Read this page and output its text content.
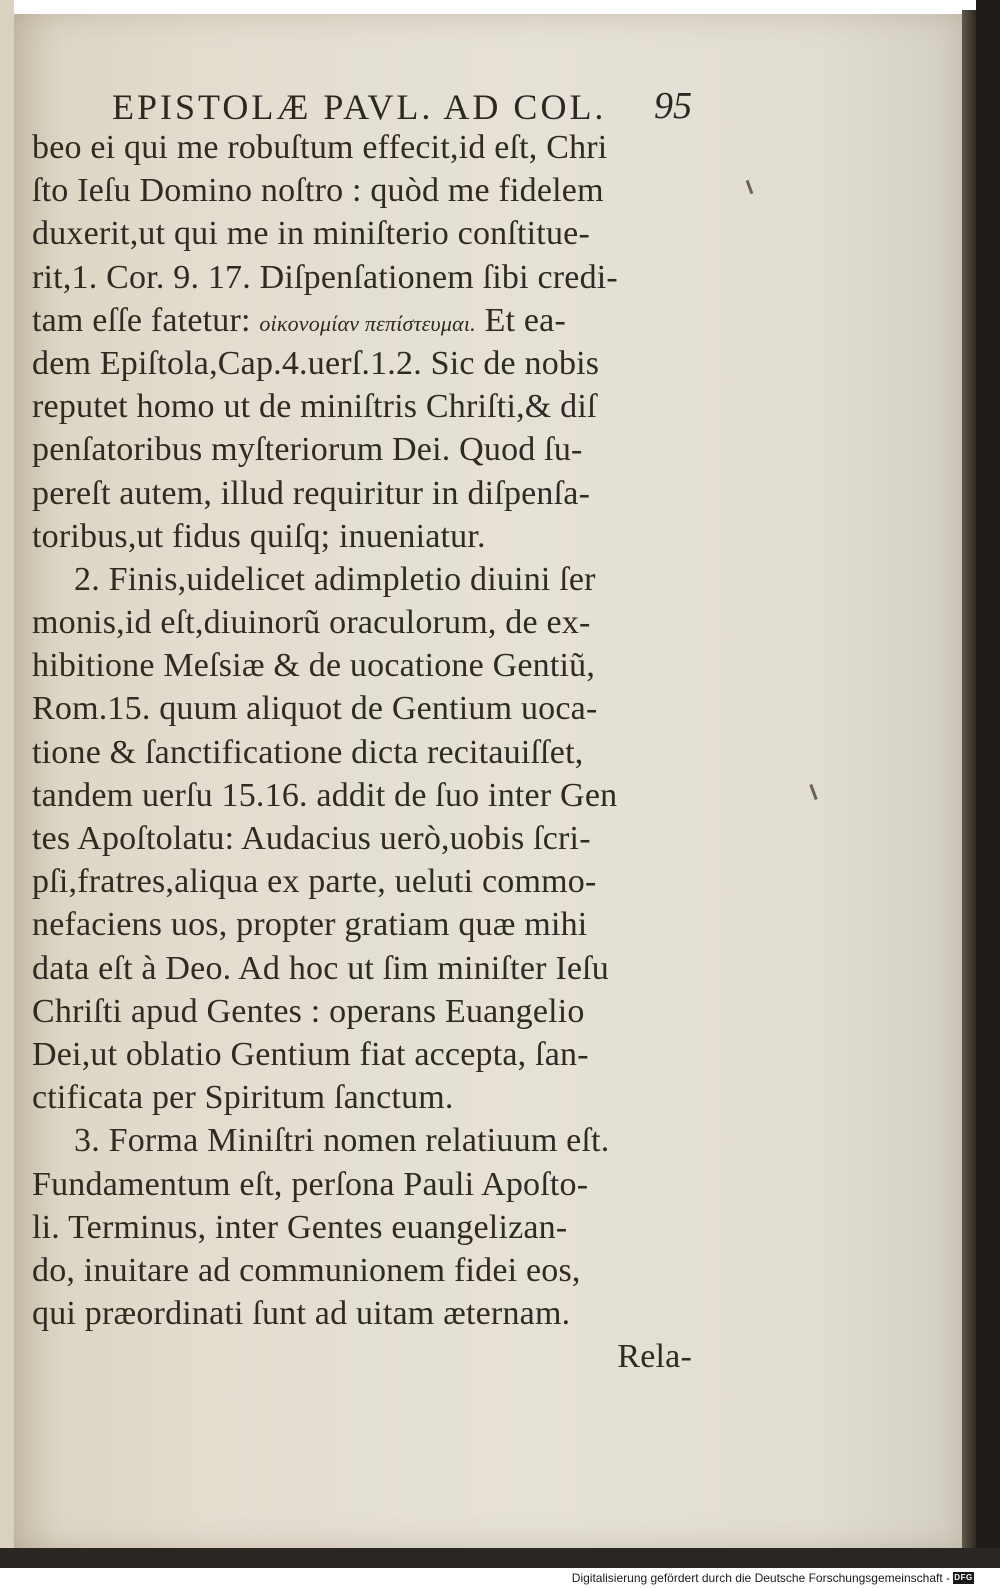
EPISTOLÆ PAVL. AD COL. 95
beo ei qui me robuſtum effecit,id eſt, Chri
ſto Ieſu Domino noſtro : quòd me fidelem
duxerit,ut qui me in miniſterio conſtitue-
rit,1. Cor. 9. 17. Diſpenſationem ſibi credi-
tam eſſe fatetur: οἰκονομίαν πεπίστευμαι. Et ea-
dem Epiſtola,Cap.4.uerſ.1.2. Sic de nobis
reputet homo ut de miniſtris Chriſti,& diſ
penſatoribus myſteriorum Dei. Quod ſu-
pereſt autem, illud requiritur in diſpenſa-
toribus,ut fidus quiſq; inueniatur.
2. Finis,uidelicet adimpletio diuini ſer
monis,id eſt,diuinorũ oraculorum, de ex-
hibitione Meſsiæ & de uocatione Gentiũ,
Rom.15. quum aliquot de Gentium uoca-
tione & ſanctificatione dicta recitauiſſet,
tandem uerſu 15.16. addit de ſuo inter Gen
tes Apoſtolatu: Audacius uerò,uobis ſcri-
pſi,fratres,aliqua ex parte, ueluti commo-
nefaciens uos, propter gratiam quæ mihi
data eſt à Deo. Ad hoc ut ſim miniſter Ieſu
Chriſti apud Gentes : operans Euangelio
Dei,ut oblatio Gentium fiat accepta, ſan-
ctificata per Spiritum ſanctum.
3. Forma Miniſtri nomen relatiuum eſt.
Fundamentum eſt, perſona Pauli Apoſto-
li. Terminus, inter Gentes euangelizan-
do, inuitare ad communionem fidei eos,
qui præordinati ſunt ad uitam æternam.
Rela-
Digitalisierung gefördert durch die Deutsche Forschungsgemeinschaft - DFG
